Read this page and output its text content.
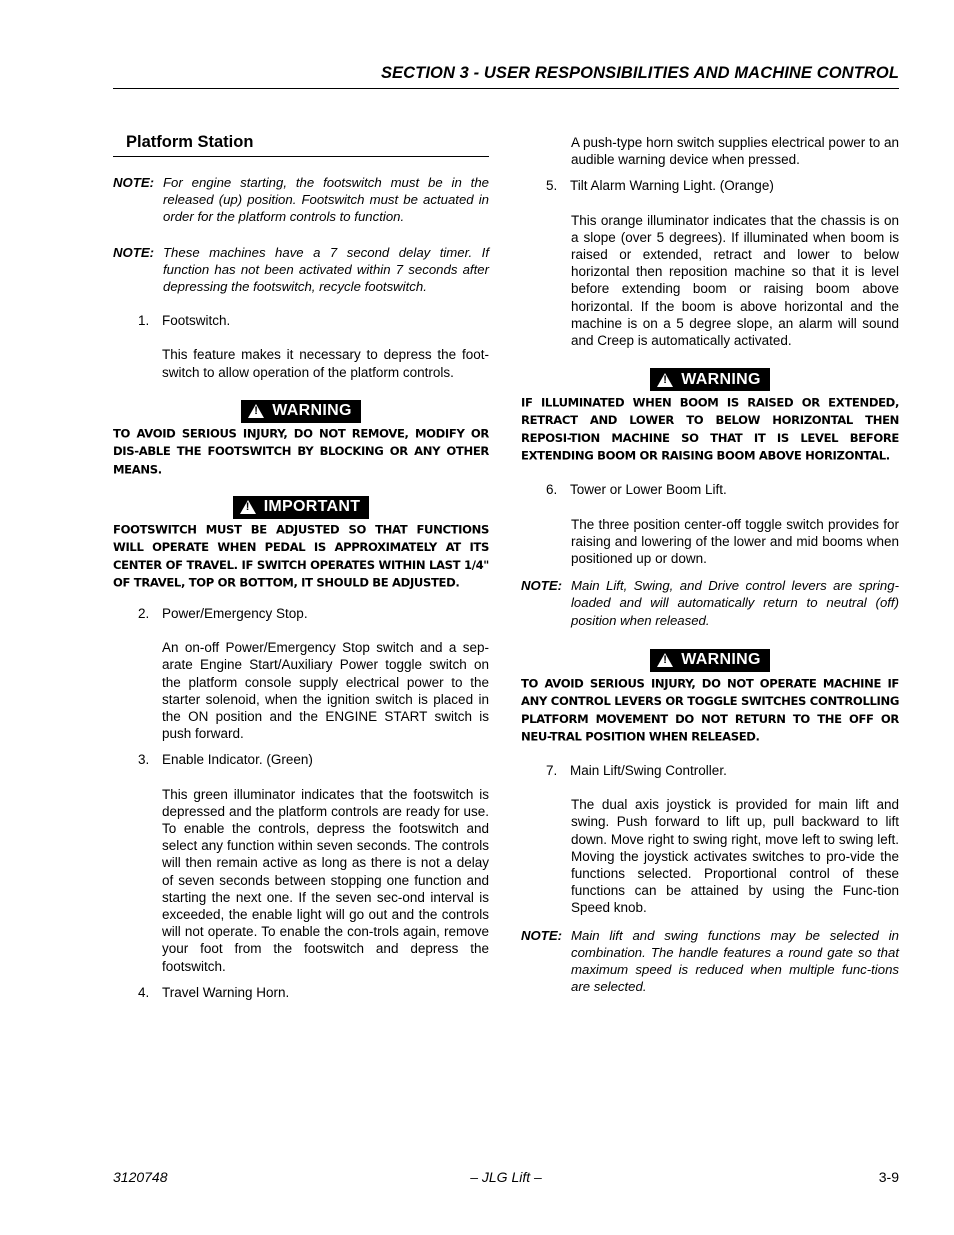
SECTION 3 - USER RESPONSIBILITIES AND MACHINE CONTROL
Platform Station
NOTE: For engine starting, the footswitch must be in the released (up) position. Footswitch must be actuated in order for the platform controls to function.
NOTE: These machines have a 7 second delay timer. If function has not been activated within 7 seconds after depressing the footswitch, recycle footswitch.
1. Footswitch.
This feature makes it necessary to depress the foot-switch to allow operation of the platform controls.
!
WARNING
TO AVOID SERIOUS INJURY, DO NOT REMOVE, MODIFY OR DIS-ABLE THE FOOTSWITCH BY BLOCKING OR ANY OTHER MEANS.
!
IMPORTANT
FOOTSWITCH MUST BE ADJUSTED SO THAT FUNCTIONS WILL OPERATE WHEN PEDAL IS APPROXIMATELY AT ITS CENTER OF TRAVEL. IF SWITCH OPERATES WITHIN LAST 1/4" OF TRAVEL, TOP OR BOTTOM, IT SHOULD BE ADJUSTED.
2. Power/Emergency Stop.
An on-off Power/Emergency Stop switch and a sep-arate Engine Start/Auxiliary Power toggle switch on the platform console supply electrical power to the starter solenoid, when the ignition switch is placed in the ON position and the ENGINE START switch is push forward.
3. Enable Indicator. (Green)
This green illuminator indicates that the footswitch is depressed and the platform controls are ready for use. To enable the controls, depress the footswitch and select any function within seven seconds. The controls will then remain active as long as there is not a delay of seven seconds between stopping one function and starting the next one. If the seven sec-ond interval is exceeded, the enable light will go out and the controls will not operate. To enable the con-trols again, remove your foot from the footswitch and depress the footswitch.
4. Travel Warning Horn.
A push-type horn switch supplies electrical power to an audible warning device when pressed.
5. Tilt Alarm Warning Light. (Orange)
This orange illuminator indicates that the chassis is on a slope (over 5 degrees). If illuminated when boom is raised or extended, retract and lower to below horizontal then reposition machine so that it is level before extending boom or raising boom above horizontal. If the boom is above horizontal and the machine is on a 5 degree slope, an alarm will sound and Creep is automatically activated.
!
WARNING
IF ILLUMINATED WHEN BOOM IS RAISED OR EXTENDED, RETRACT AND LOWER TO BELOW HORIZONTAL THEN REPOSI-TION MACHINE SO THAT IT IS LEVEL BEFORE EXTENDING BOOM OR RAISING BOOM ABOVE HORIZONTAL.
6. Tower or Lower Boom Lift.
The three position center-off toggle switch provides for raising and lowering of the lower and mid booms when positioned up or down.
NOTE: Main Lift, Swing, and Drive control levers are spring-loaded and will automatically return to neutral (off) position when released.
!
WARNING
TO AVOID SERIOUS INJURY, DO NOT OPERATE MACHINE IF ANY CONTROL LEVERS OR TOGGLE SWITCHES CONTROLLING PLATFORM MOVEMENT DO NOT RETURN TO THE OFF OR NEU-TRAL POSITION WHEN RELEASED.
7. Main Lift/Swing Controller.
The dual axis joystick is provided for main lift and swing. Push forward to lift up, pull backward to lift down. Move right to swing right, move left to swing left. Moving the joystick activates switches to pro-vide the functions selected. Proportional control of these functions can be attained by using the Func-tion Speed knob.
NOTE: Main lift and swing functions may be selected in combination. The handle features a round gate so that maximum speed is reduced when multiple func-tions are selected.
3120748	– JLG Lift –	3-9
